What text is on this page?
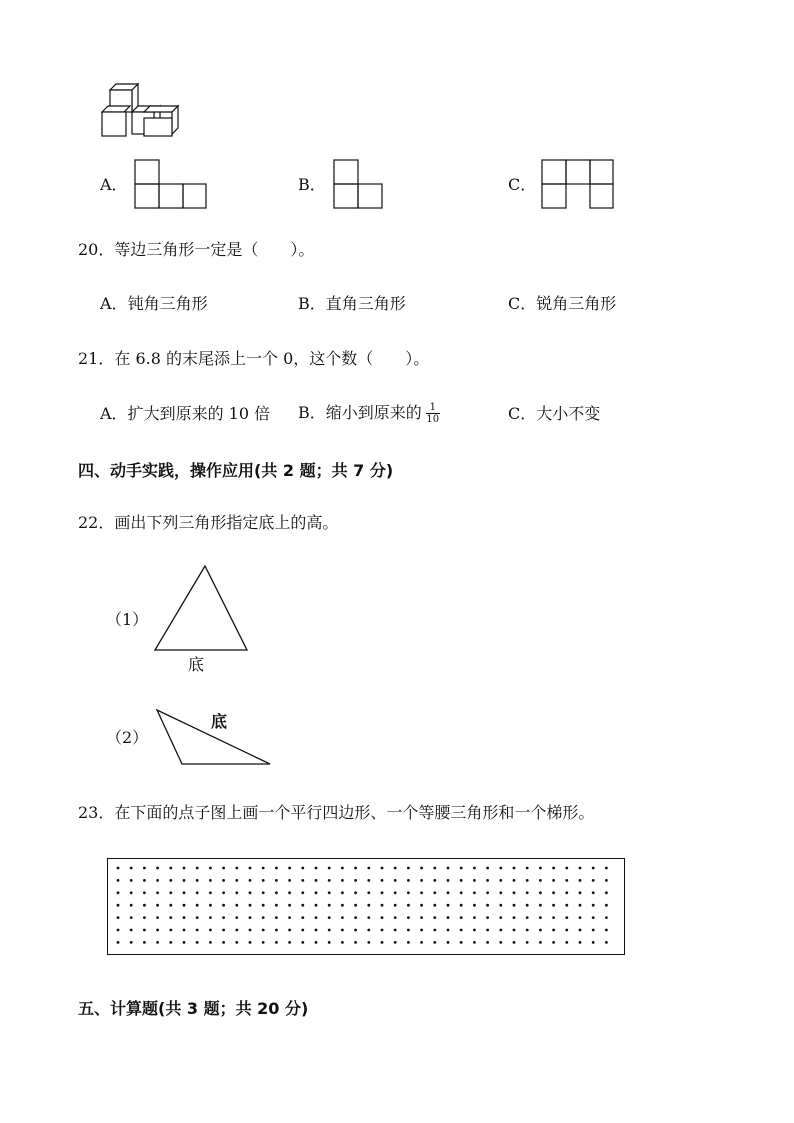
A．	B．	C．
20．等边三角形一定是（　　）。
A．钝角三角形	B．直角三角形	C．锐角三角形
21．在 6.8 的末尾添上一个 0，这个数（　　）。
A．扩大到原来的 10 倍 B．缩小到原来的 $\frac{1}{10}$	C．大小不变
四、动手实践，操作应用(共 2 题；共 7 分)
22．画出下列三角形指定底上的高。
（1）
底
（2）
底
23．在下面的点子图上画一个平行四边形、一个等腰三角形和一个梯形。
五、计算题(共 3 题；共 20 分)
